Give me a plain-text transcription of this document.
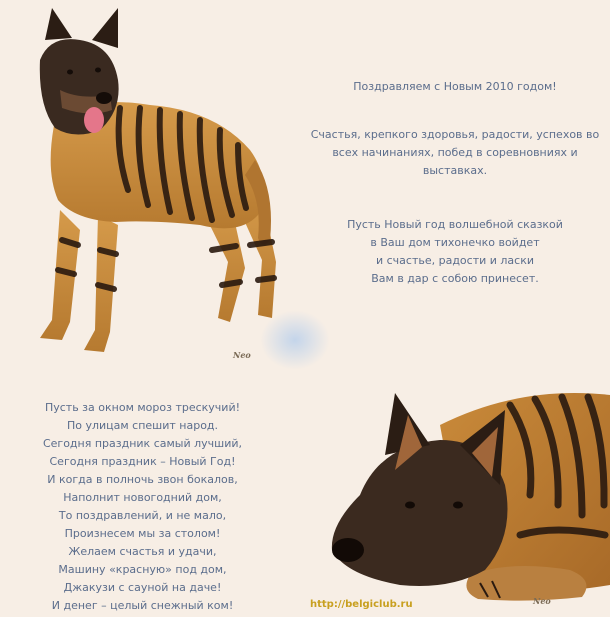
Neo
Поздравляем с Новым 2010 годом!
Счастья, крепкого здоровья, радости, успехов во
всех начинаниях, побед в соревновниях и
выставках.
Пусть Новый год волшебной сказкой
в Ваш дом тихонечко войдет
и счастье, радости и ласки
Вам в дар с собою принесет.
Пусть за окном мороз трескучий!
По улицам спешит народ.
Сегодня праздник самый лучший,
Сегодня праздник – Новый Год!
И когда в полночь звон бокалов,
Наполнит новогодний дом,
То поздравлений, и не мало,
Произнесем мы за столом!
Желаем счастья и удачи,
Машину «красную» под дом,
Джакузи с сауной на даче!
И денег – целый снежный ком!	Neo
http://belgiclub.ru
